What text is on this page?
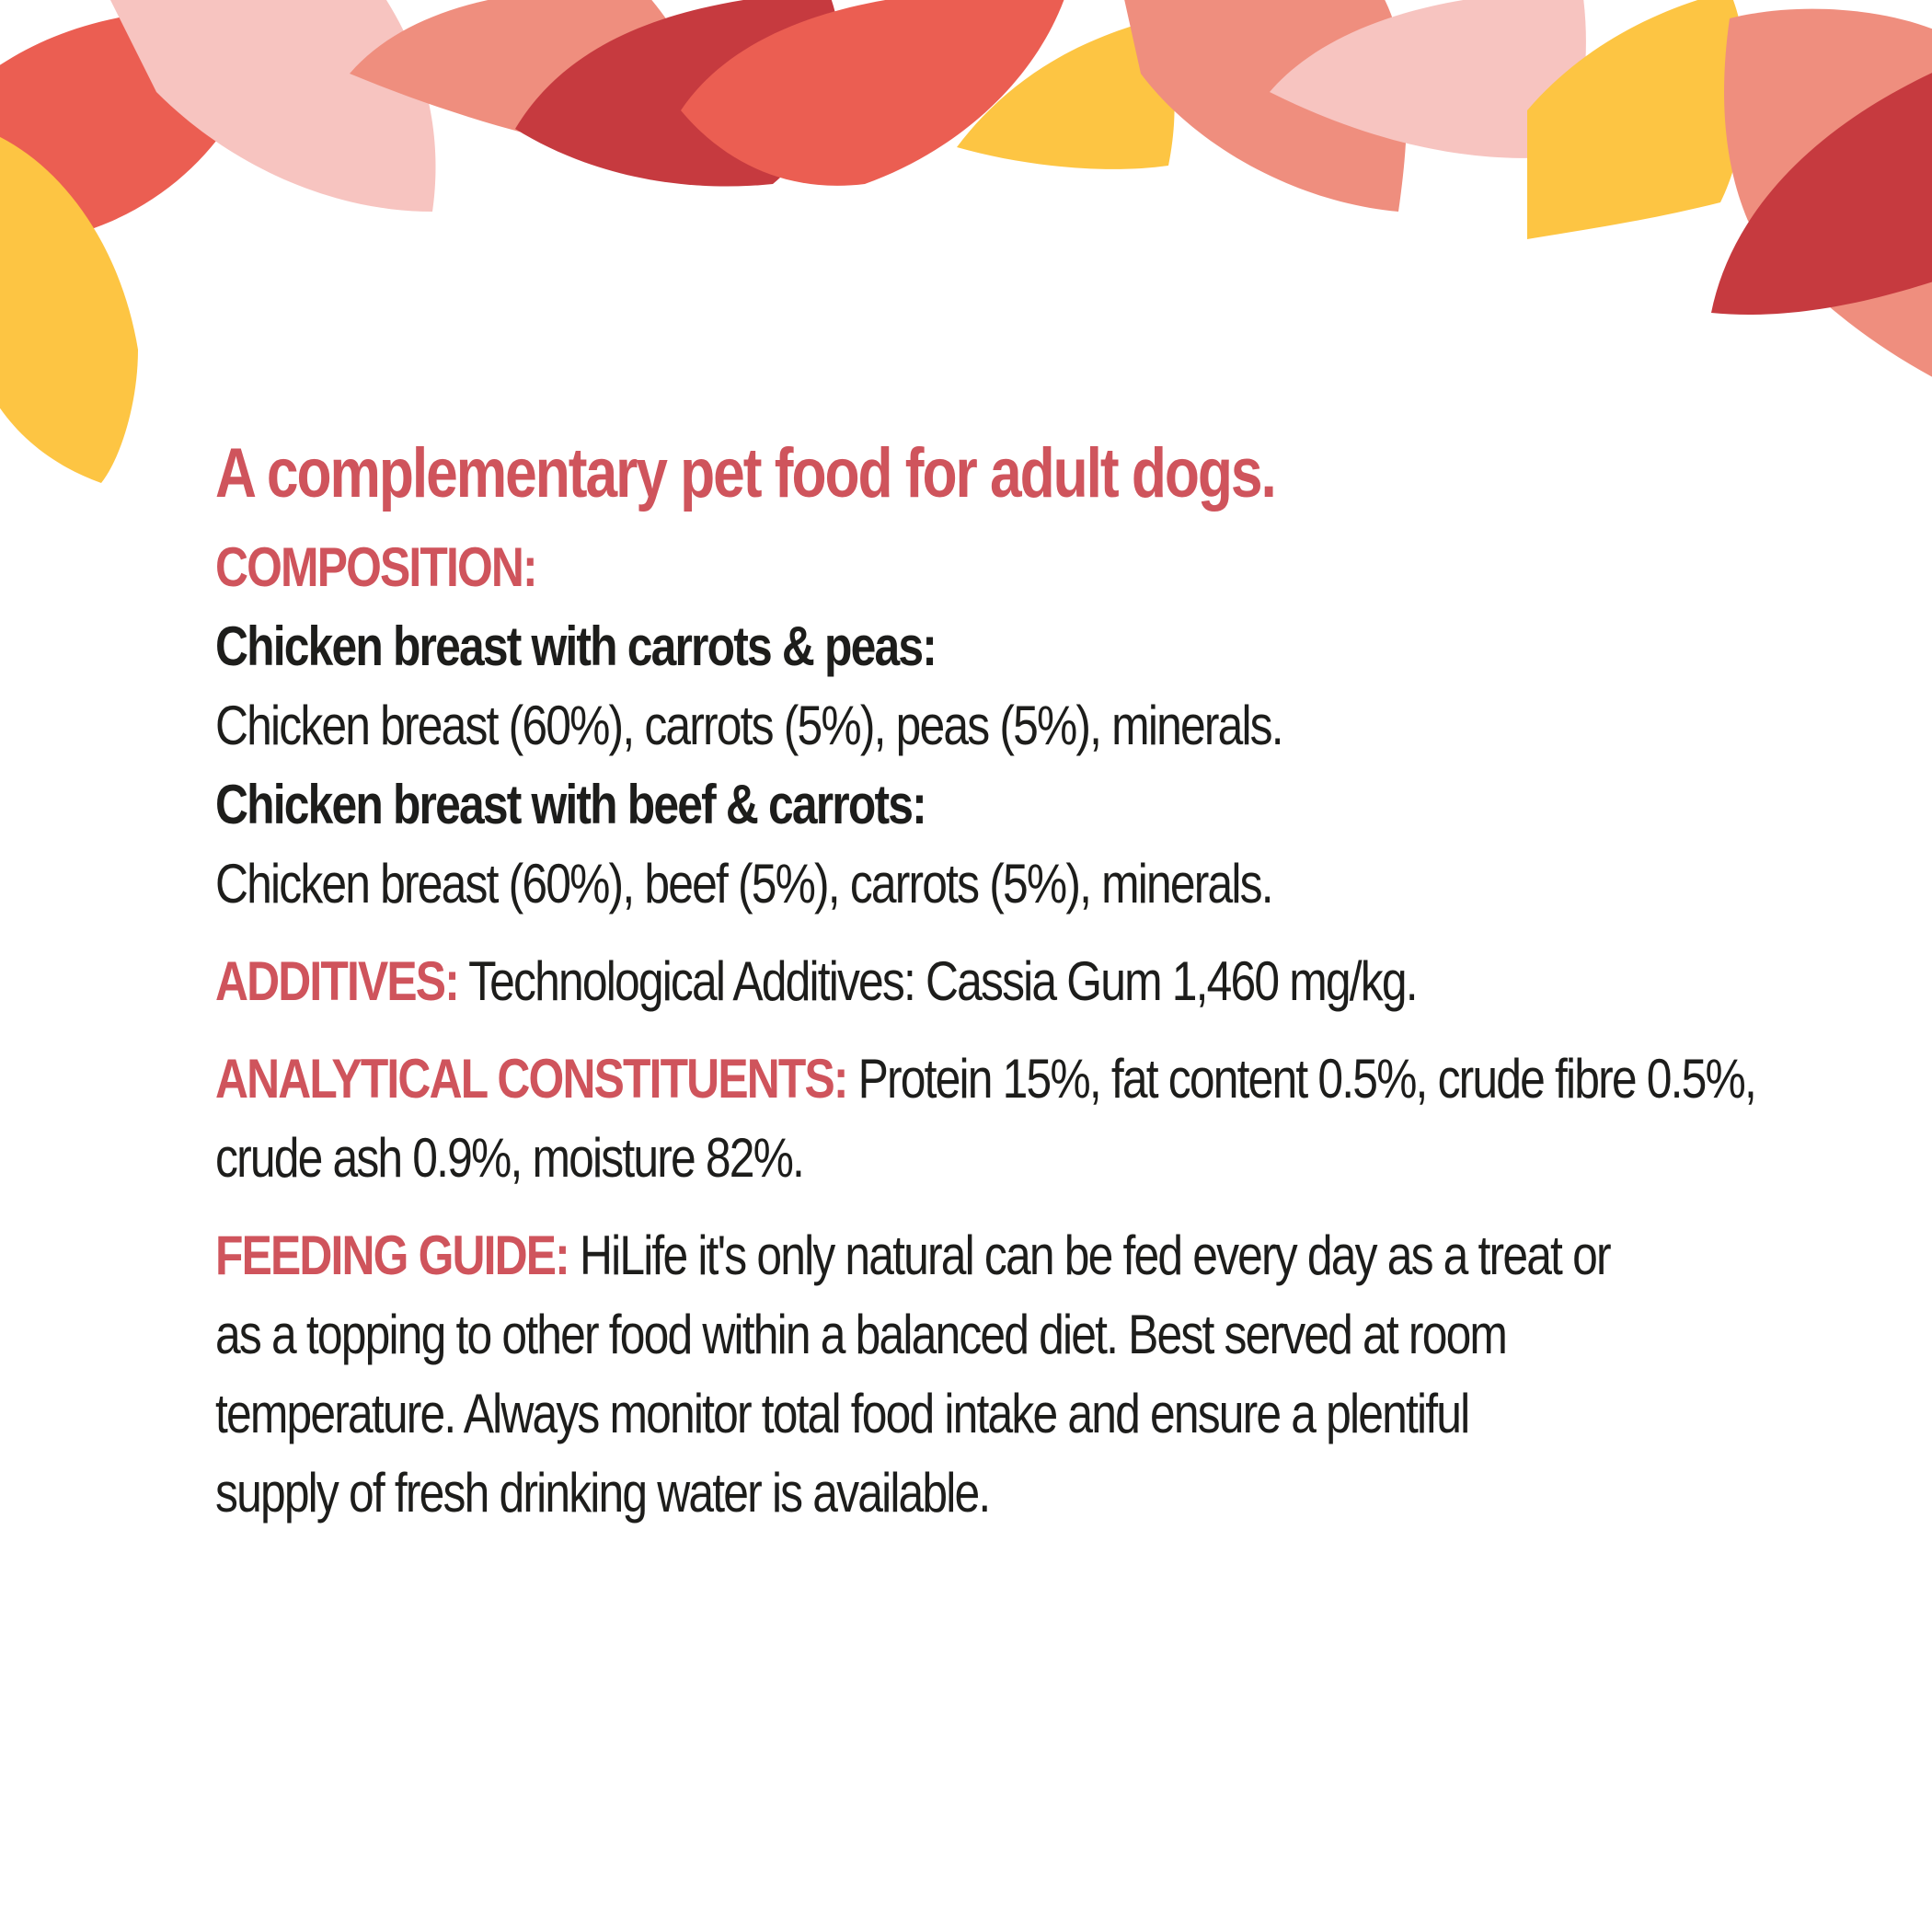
A complementary pet food for adult dogs.
COMPOSITION:
Chicken breast with carrots & peas:
Chicken breast (60%), carrots (5%), peas (5%), minerals.
Chicken breast with beef & carrots:
Chicken breast (60%), beef (5%), carrots (5%), minerals.
ADDITIVES: Technological Additives: Cassia Gum 1,460 mg/kg.
ANALYTICAL CONSTITUENTS: Protein 15%, fat content 0.5%, crude fibre 0.5%,
crude ash 0.9%, moisture 82%.
FEEDING GUIDE: HiLife it's only natural can be fed every day as a treat or
as a topping to other food within a balanced diet. Best served at room
temperature. Always monitor total food intake and ensure a plentiful
supply of fresh drinking water is available.
